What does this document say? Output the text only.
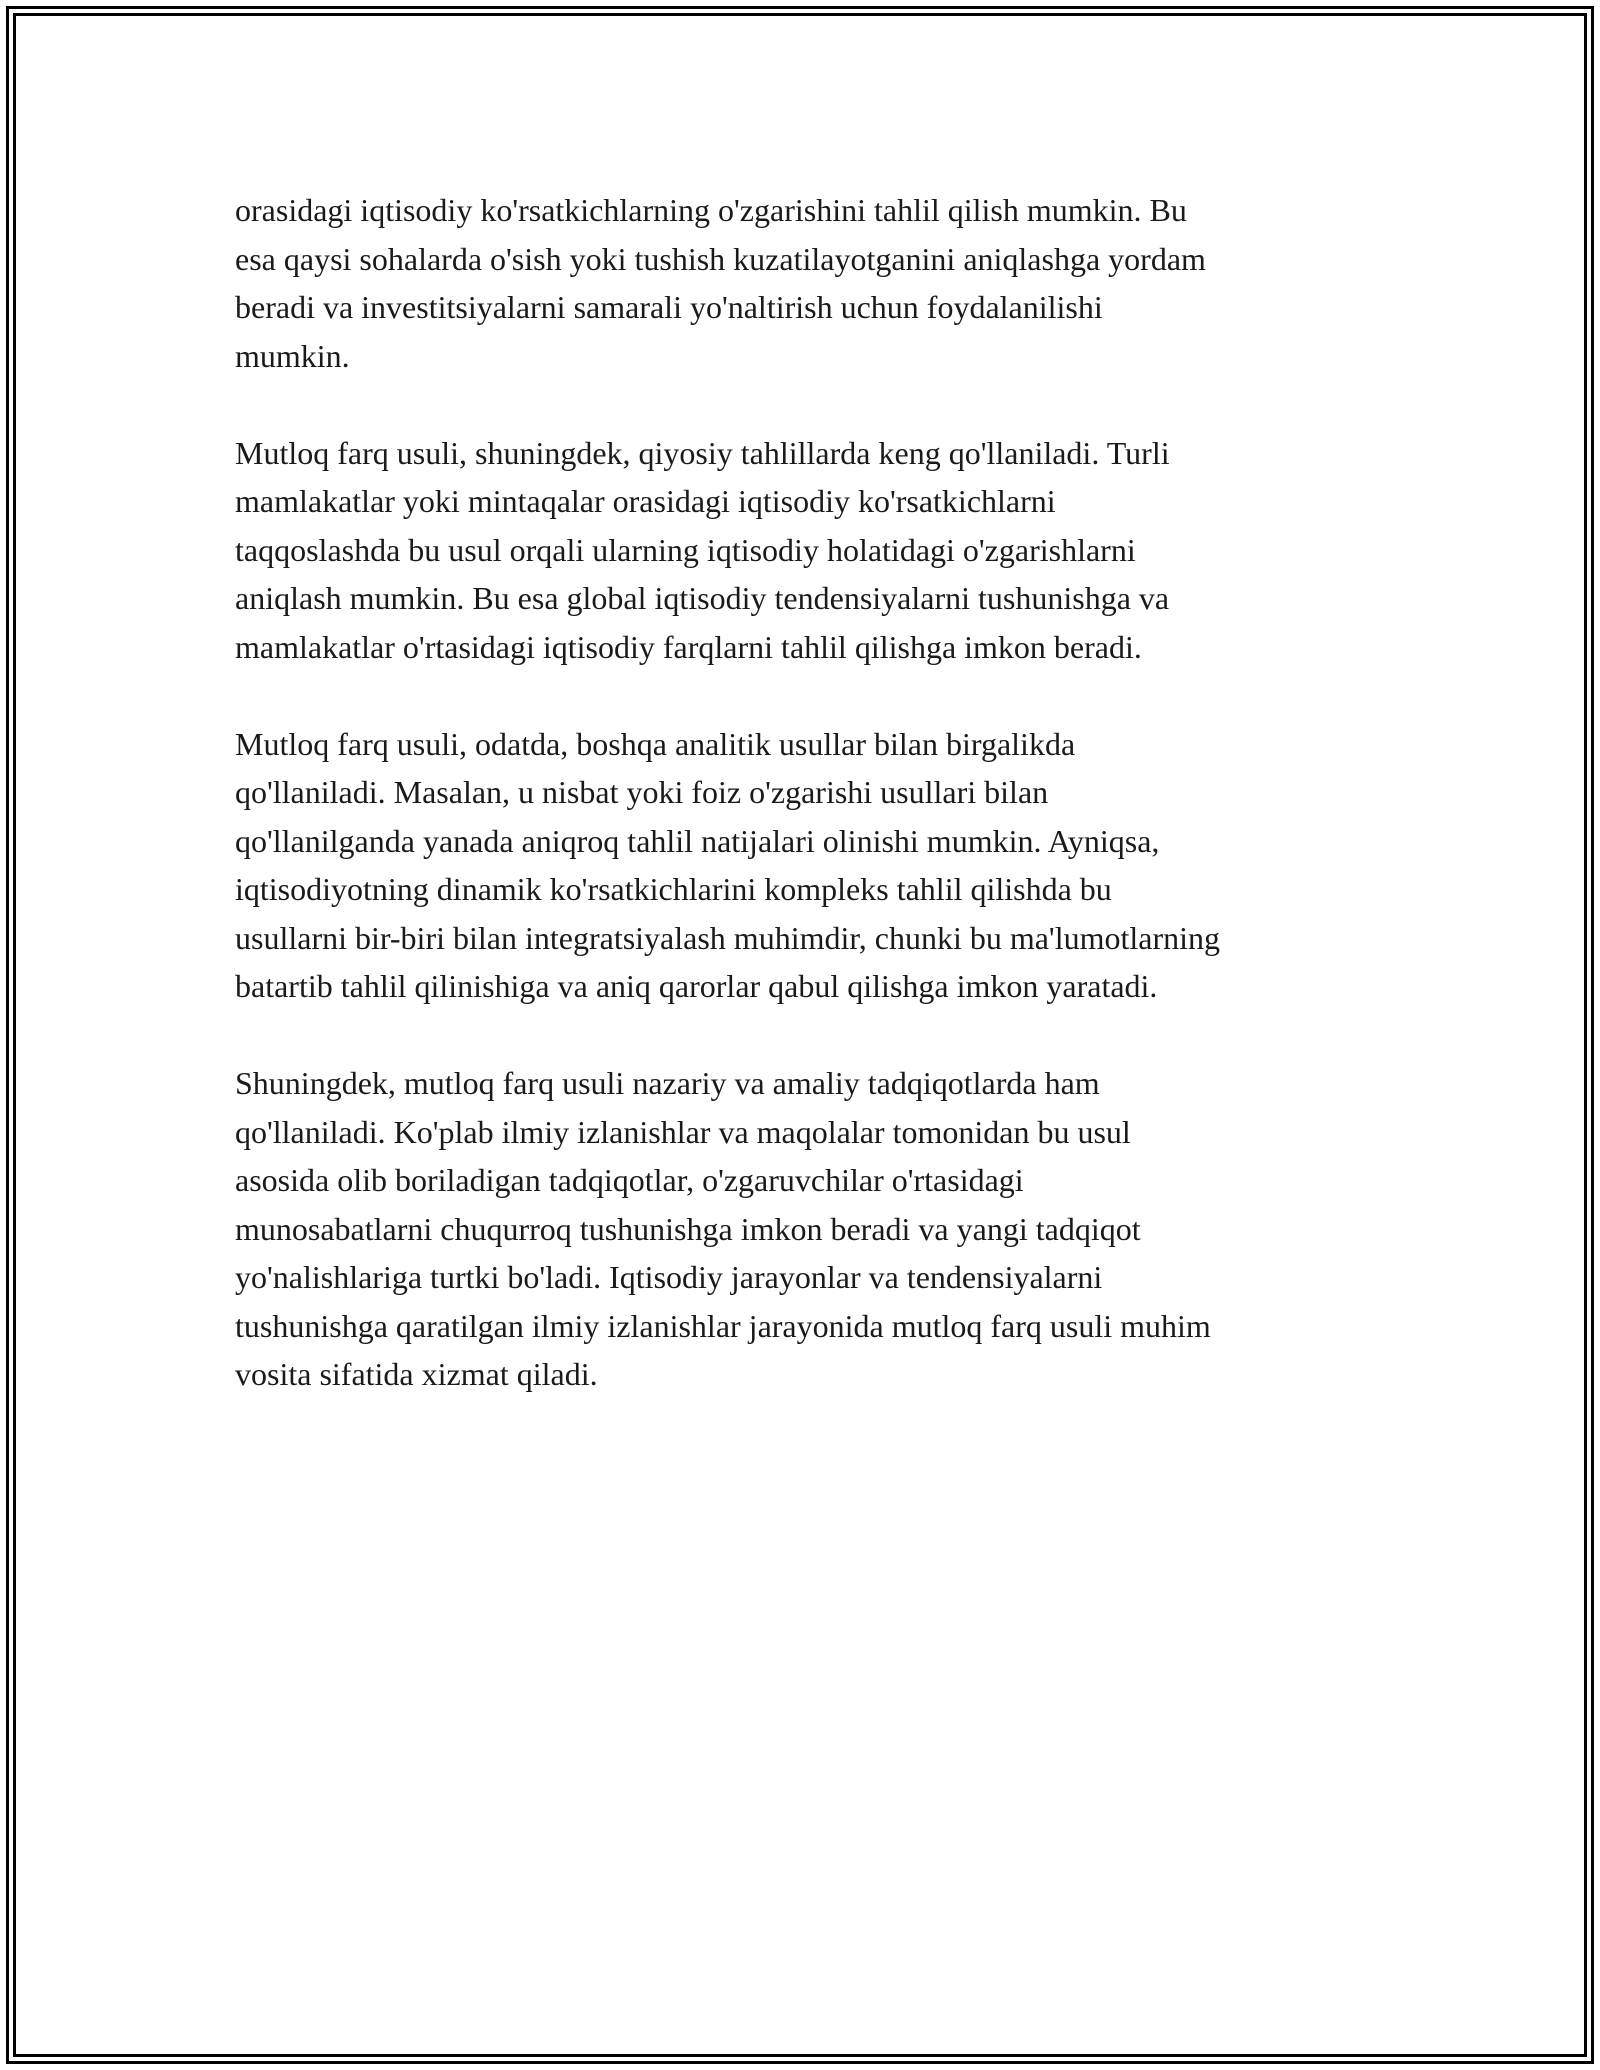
orasidagi iqtisodiy ko'rsatkichlarning o'zgarishini tahlil qilish mumkin. Bu
esa qaysi sohalarda o'sish yoki tushish kuzatilayotganini aniqlashga yordam
beradi va investitsiyalarni samarali yo'naltirish uchun foydalanilishi
mumkin.
Mutloq farq usuli, shuningdek, qiyosiy tahlillarda keng qo'llaniladi. Turli
mamlakatlar yoki mintaqalar orasidagi iqtisodiy ko'rsatkichlarni
taqqoslashda bu usul orqali ularning iqtisodiy holatidagi o'zgarishlarni
aniqlash mumkin. Bu esa global iqtisodiy tendensiyalarni tushunishga va
mamlakatlar o'rtasidagi iqtisodiy farqlarni tahlil qilishga imkon beradi.
Mutloq farq usuli, odatda, boshqa analitik usullar bilan birgalikda
qo'llaniladi. Masalan, u nisbat yoki foiz o'zgarishi usullari bilan
qo'llanilganda yanada aniqroq tahlil natijalari olinishi mumkin. Ayniqsa,
iqtisodiyotning dinamik ko'rsatkichlarini kompleks tahlil qilishda bu
usullarni bir-biri bilan integratsiyalash muhimdir, chunki bu ma'lumotlarning
batartib tahlil qilinishiga va aniq qarorlar qabul qilishga imkon yaratadi.
Shuningdek, mutloq farq usuli nazariy va amaliy tadqiqotlarda ham
qo'llaniladi. Ko'plab ilmiy izlanishlar va maqolalar tomonidan bu usul
asosida olib boriladigan tadqiqotlar, o'zgaruvchilar o'rtasidagi
munosabatlarni chuqurroq tushunishga imkon beradi va yangi tadqiqot
yo'nalishlariga turtki bo'ladi. Iqtisodiy jarayonlar va tendensiyalarni
tushunishga qaratilgan ilmiy izlanishlar jarayonida mutloq farq usuli muhim
vosita sifatida xizmat qiladi.
